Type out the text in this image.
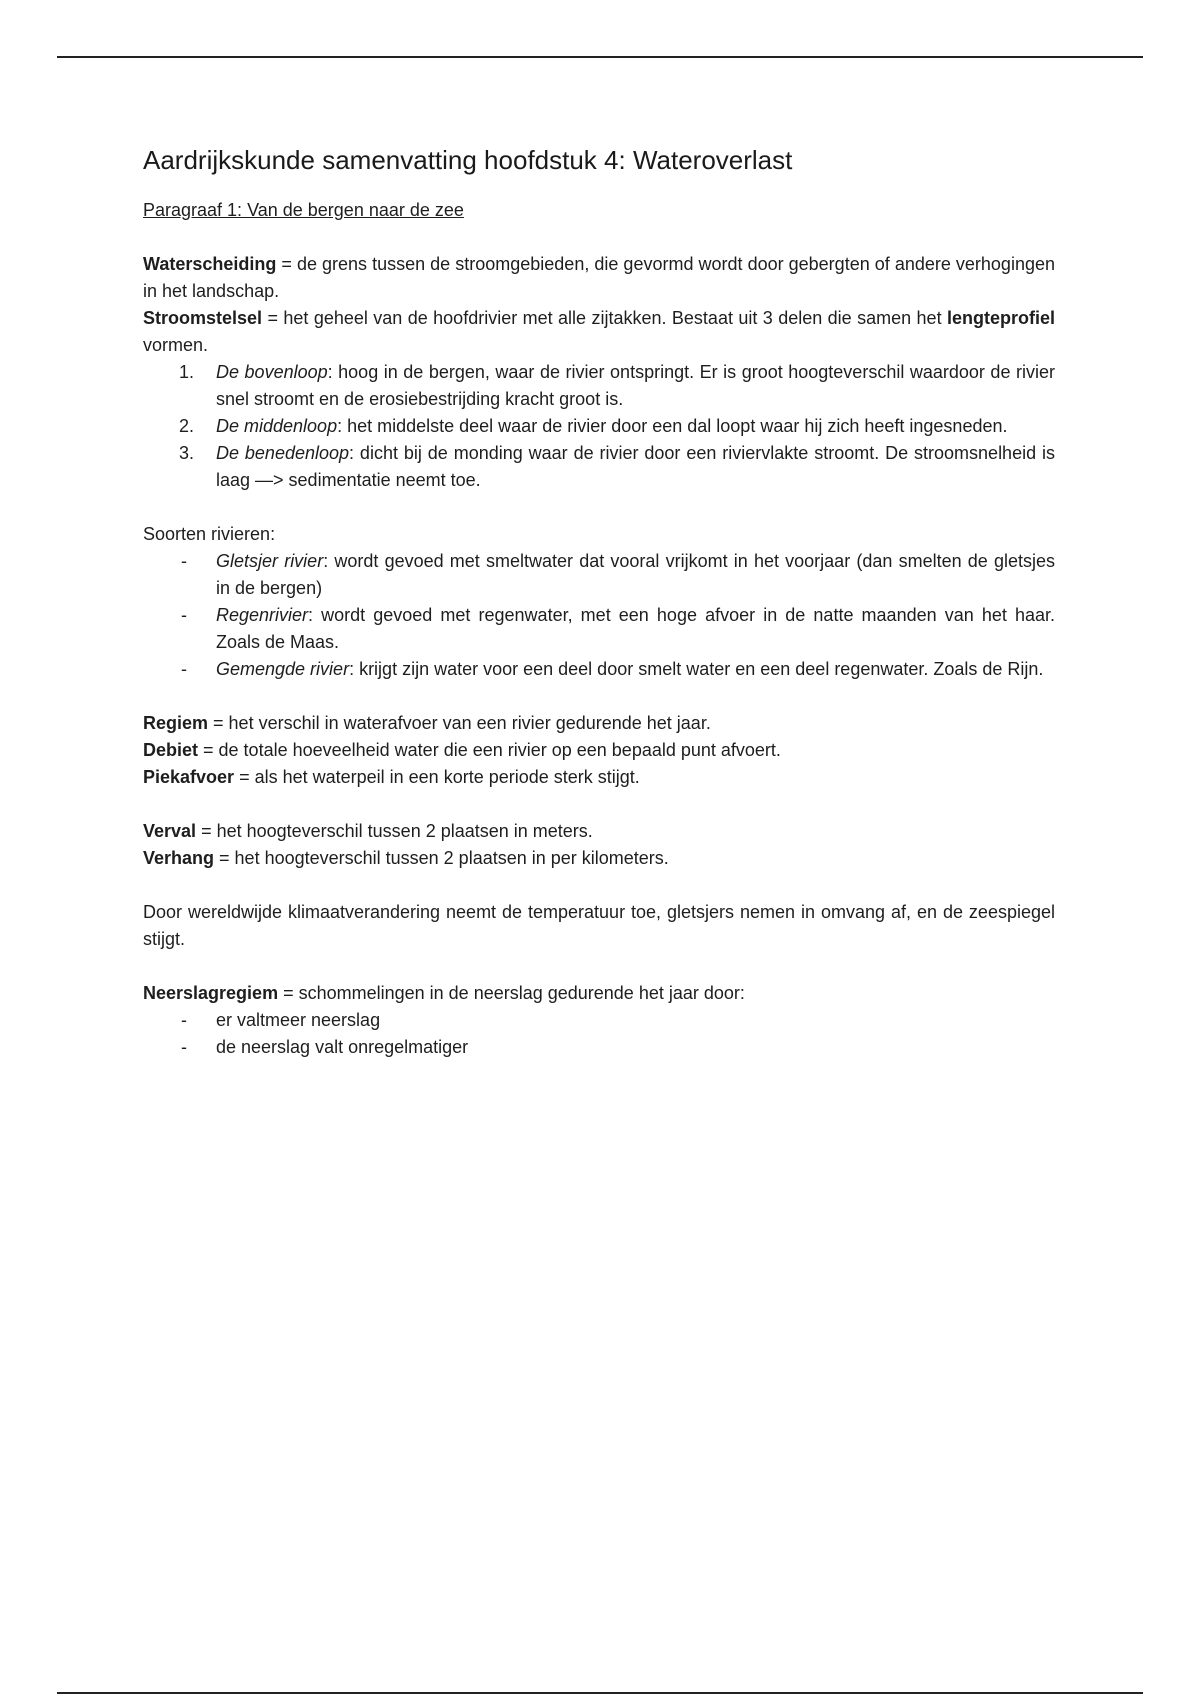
Aardrijkskunde samenvatting hoofdstuk 4: Wateroverlast
Paragraaf 1: Van de bergen naar de zee

Waterscheiding = de grens tussen de stroomgebieden, die gevormd wordt door gebergten of andere verhogingen in het landschap.

Stroomstelsel = het geheel van de hoofdrivier met alle zijtakken. Bestaat uit 3 delen die samen het lengteprofiel vormen.

1. De bovenloop: hoog in de bergen, waar de rivier ontspringt. Er is groot hoogteverschil waardoor de rivier snel stroomt en de erosiebestrijding kracht groot is.
2. De middenloop: het middelste deel waar de rivier door een dal loopt waar hij zich heeft ingesneden.
3. De benedenloop: dicht bij de monding waar de rivier door een riviervlakte stroomt. De stroomsnelheid is laag —> sedimentatie neemt toe.

Soorten rivieren:

- Gletsjer rivier: wordt gevoed met smeltwater dat vooral vrijkomt in het voorjaar (dan smelten de gletsjes in de bergen)
- Regenrivier: wordt gevoed met regenwater, met een hoge afvoer in de natte maanden van het haar. Zoals de Maas.
- Gemengde rivier: krijgt zijn water voor een deel door smelt water en een deel regenwater. Zoals de Rijn.

Regiem = het verschil in waterafvoer van een rivier gedurende het jaar.

Debiet = de totale hoeveelheid water die een rivier op een bepaald punt afvoert.

Piekafvoer = als het waterpeil in een korte periode sterk stijgt.

Verval = het hoogteverschil tussen 2 plaatsen in meters.

Verhang = het hoogteverschil tussen 2 plaatsen in per kilometers.

Door wereldwijde klimaatverandering neemt de temperatuur toe, gletsjers nemen in omvang af, en de zeespiegel stijgt.

Neerslagregiem = schommelingen in de neerslag gedurende het jaar door:

- er valtmeer neerslag
- de neerslag valt onregelmatiger
